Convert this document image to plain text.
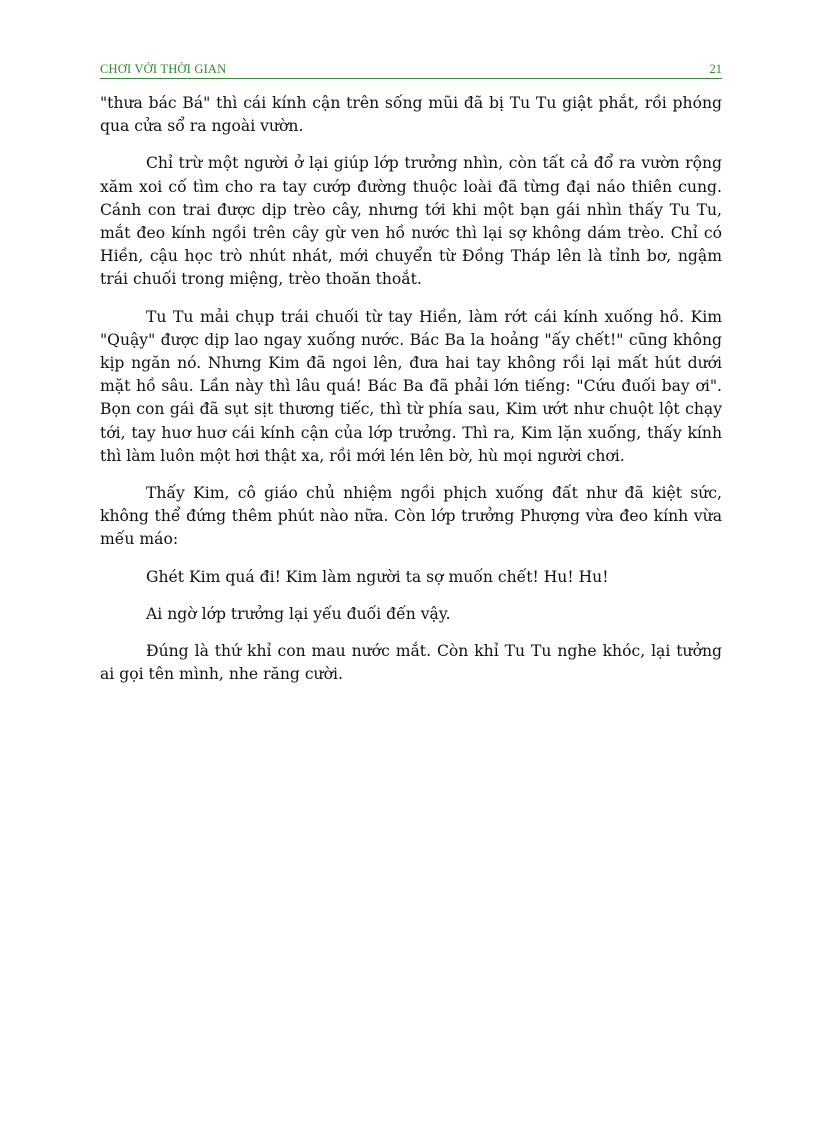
CHƠI VỚI THỜI GIAN	21

"thưa bác Bá" thì cái kính cận trên sống mũi đã bị Tu Tu giật phắt, rồi phóng qua cửa sổ ra ngoài vườn.

Chỉ trừ một người ở lại giúp lớp trưởng nhìn, còn tất cả đổ ra vườn rộng xăm xoi cố tìm cho ra tay cướp đường thuộc loài đã từng đại náo thiên cung. Cánh con trai được dịp trèo cây, nhưng tới khi một bạn gái nhìn thấy Tu Tu, mắt đeo kính ngồi trên cây gừ ven hồ nước thì lại sợ không dám trèo. Chỉ có Hiền, cậu học trò nhút nhát, mới chuyển từ Đồng Tháp lên là tỉnh bơ, ngậm trái chuối trong miệng, trèo thoăn thoắt.

Tu Tu mải chụp trái chuối từ tay Hiền, làm rớt cái kính xuống hồ. Kim "Quậy" được dịp lao ngay xuống nước. Bác Ba la hoảng "ấy chết!" cũng không kịp ngăn nó. Nhưng Kim đã ngoi lên, đưa hai tay không rồi lại mất hút dưới mặt hồ sâu. Lần này thì lâu quá! Bác Ba đã phải lớn tiếng: "Cứu đuối bay ơi". Bọn con gái đã sụt sịt thương tiếc, thì từ phía sau, Kim ướt như chuột lột chạy tới, tay huơ huơ cái kính cận của lớp trưởng. Thì ra, Kim lặn xuống, thấy kính thì làm luôn một hơi thật xa, rồi mới lén lên bờ, hù mọi người chơi.

Thấy Kim, cô giáo chủ nhiệm ngồi phịch xuống đất như đã kiệt sức, không thể đứng thêm phút nào nữa. Còn lớp trưởng Phượng vừa đeo kính vừa mếu máo:

Ghét Kim quá đi! Kim làm người ta sợ muốn chết! Hu! Hu!

Ai ngờ lớp trưởng lại yếu đuối đến vậy.

Đúng là thứ khỉ con mau nước mắt. Còn khỉ Tu Tu nghe khóc, lại tưởng ai gọi tên mình, nhe răng cười.
